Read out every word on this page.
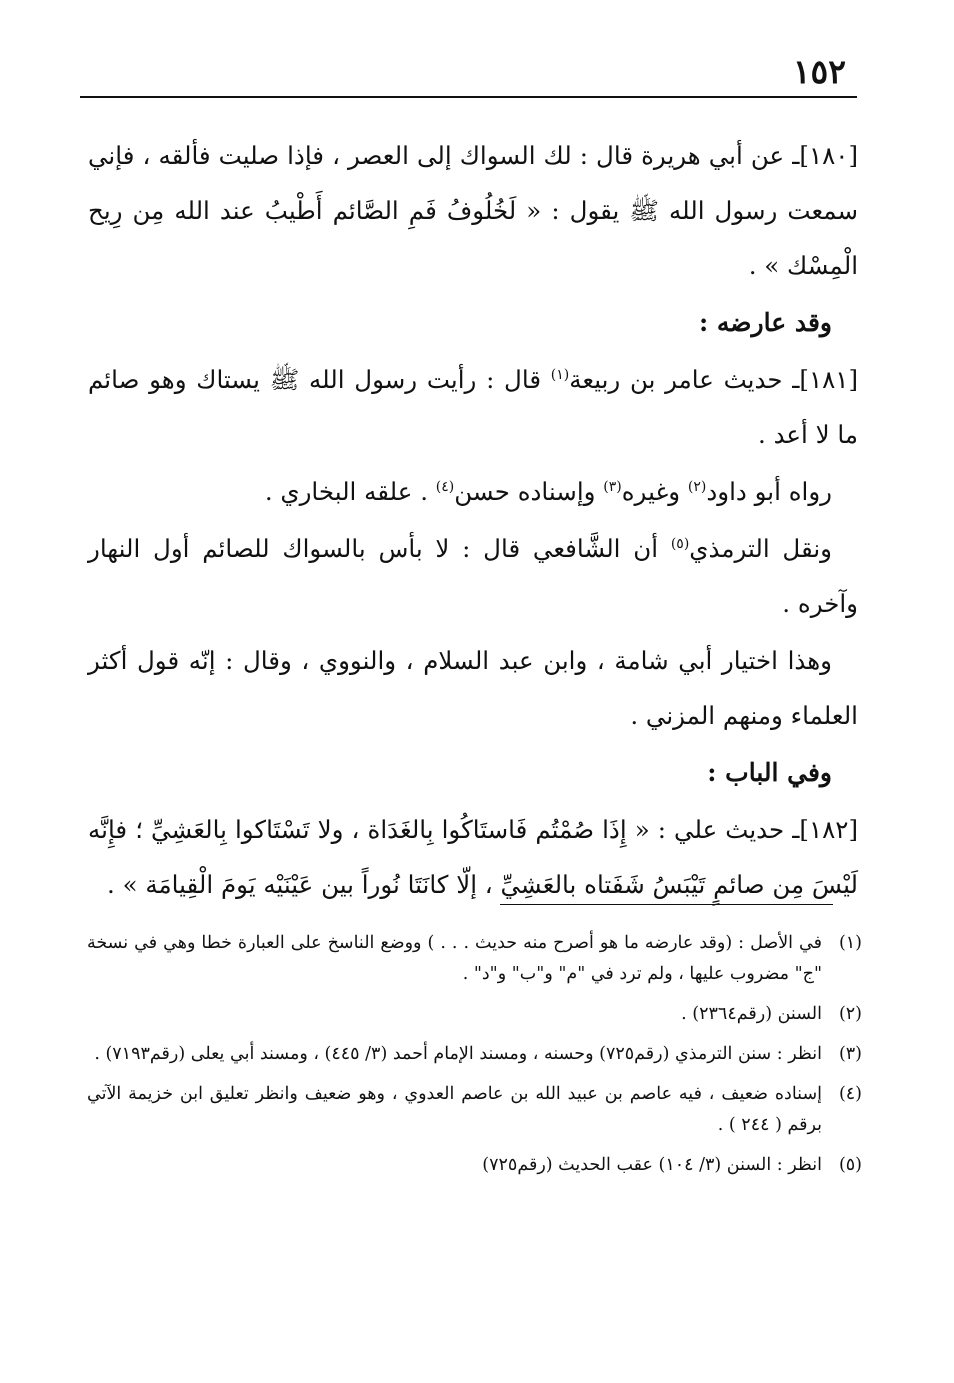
١٥٢

[١٨٠]ـ عن أبي هريرة قال : لك السواك إلى العصر ، فإذا صليت فألقه ، فإني سمعت رسول الله ﷺ يقول : « لَخُلُوفُ فَمِ الصَّائم أَطْيبُ عند الله مِن رِيح الْمِسْك » .

وقد عارضه :

[١٨١]ـ حديث عامر بن ربيعة$^{(١)}$ قال : رأيت رسول الله ﷺ يستاك وهو صائم ما لا أعد .

رواه أبو داود$^{(٢)}$ وغيره$^{(٣)}$ وإسناده حسن$^{(٤)}$ . علقه البخاري .

ونقل الترمذي$^{(٥)}$ أن الشَّافعي قال : لا بأس بالسواك للصائم أول النهار وآخره .

وهذا اختيار أبي شامة ، وابن عبد السلام ، والنووي ، وقال : إنّه قول أكثر العلماء ومنهم المزني .

وفي الباب :

[١٨٢]ـ حديث علي : « إِذَا صُمْتُم فَاستَاكُوا بِالغَدَاة ، ولا تَسْتَاكوا بِالعَشِيِّ ؛ فإِنَّه لَيْسَ مِن صائمٍ تَيْبَسُ شَفَتاه بالعَشِيِّ ، إلّا كانَتَا نُوراً بين عَيْنَيْه يَومَ الْقِيامَة » .

(١)
في الأصل : (وقد عارضه ما هو أصرح منه حديث . . . ) ووضع الناسخ على العبارة خطا وهي في نسخة "ج" مضروب عليها ، ولم ترد في "م" و"ب" و"د" .
(٢)
السنن (رقم٢٣٦٤) .
(٣)
انظر : سنن الترمذي (رقم٧٢٥) وحسنه ، ومسند الإمام أحمد (٣/ ٤٤٥) ، ومسند أبي يعلى (رقم٧١٩٣) .
(٤)
إسناده ضعيف ، فيه عاصم بن عبيد الله بن عاصم العدوي ، وهو ضعيف وانظر تعليق ابن خزيمة الآتي برقم ( ٢٤٤ ) .
(٥)
انظر : السنن (٣/ ١٠٤) عقب الحديث (رقم٧٢٥)
